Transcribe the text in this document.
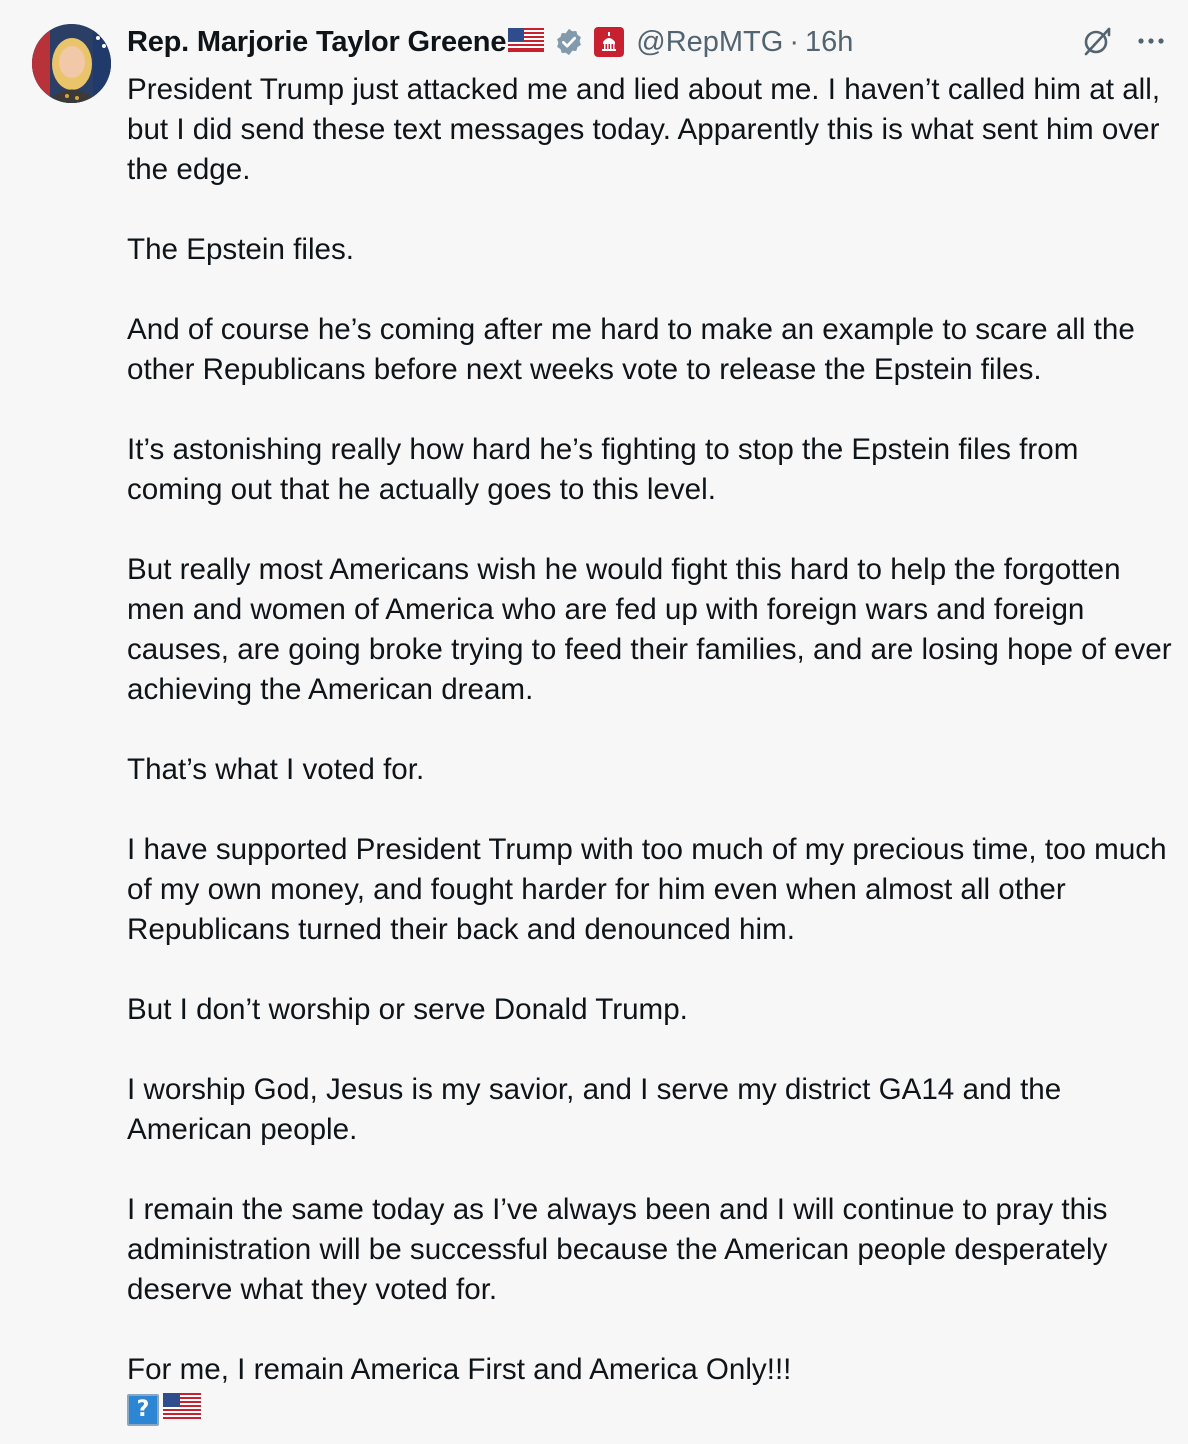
Rep. Marjorie Taylor Greene	@RepMTG · 16h

President Trump just attacked me and lied about me. I haven’t called him at all, but I did send these text messages today. Apparently this is what sent him over the edge.

The Epstein files.

And of course he’s coming after me hard to make an example to scare all the other Republicans before next weeks vote to release the Epstein files.

It’s astonishing really how hard he’s fighting to stop the Epstein files from coming out that he actually goes to this level.

But really most Americans wish he would fight this hard to help the forgotten men and women of America who are fed up with foreign wars and foreign causes, are going broke trying to feed their families, and are losing hope of ever achieving the American dream.

That’s what I voted for.

I have supported President Trump with too much of my precious time, too much of my own money, and fought harder for him even when almost all other Republicans turned their back and denounced him.

But I don’t worship or serve Donald Trump.

I worship God, Jesus is my savior, and I serve my district GA14 and the American people.

I remain the same today as I’ve always been and I will continue to pray this administration will be successful because the American people desperately deserve what they voted for.

For me, I remain America First and America Only!!!

?
